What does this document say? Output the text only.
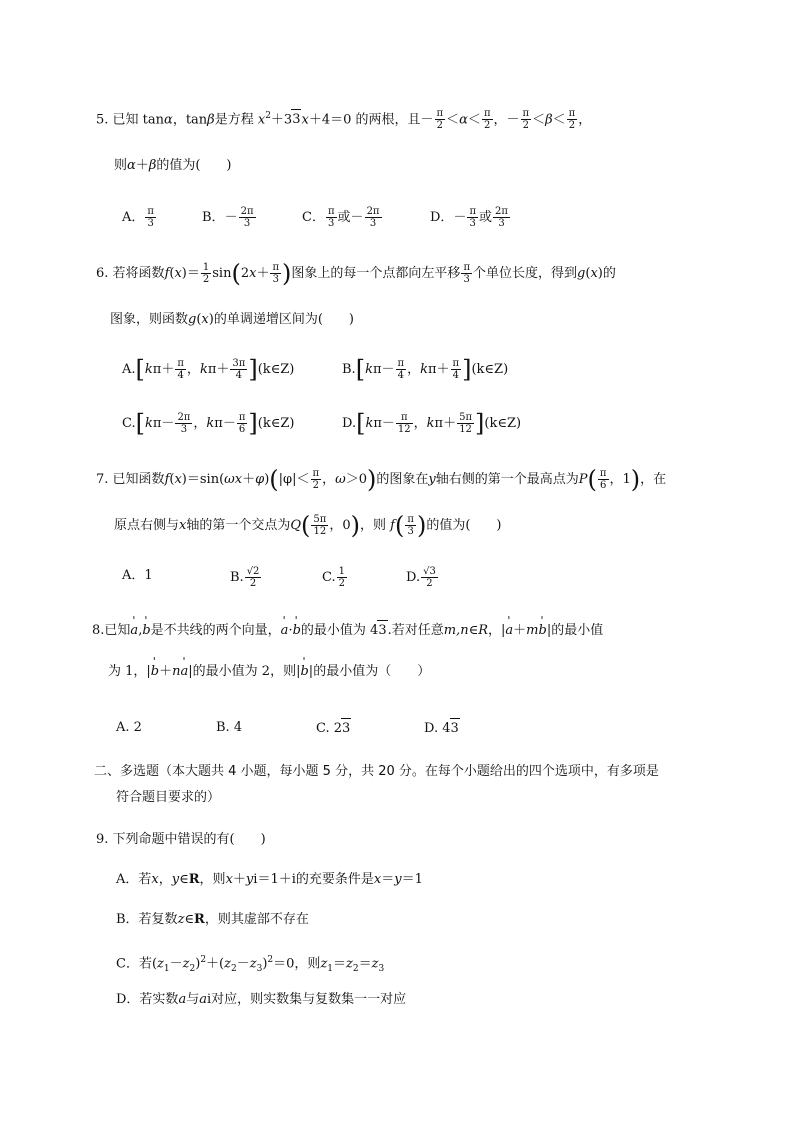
5. 已知 tanα，tanβ是方程 $x^2+33x+4=0$ 的两根，且－ $\frac{\pi}{2} <\alpha< \frac{\pi}{2}$ ，－ $\frac{\pi}{2} <\beta< \frac{\pi}{2}$ ，
则α＋β的值为(　　)
A． $\frac{\pi}{3}$	B．－ $\frac{2\pi}{3}$	C． $\frac{\pi}{3}$ 或－ $\frac{2\pi}{3}$	D．－ $\frac{\pi}{3}$ 或 $\frac{2\pi}{3}$
6. 若将函数$f(x)= \frac{1}{2} \sin(2x+ \frac{\pi}{3}$ )图象上的每一个点都向左平移 $\frac{\pi}{3}$ 个单位长度，得到g(x)的
图象，则函数g(x)的单调递增区间为(　　)
$A.[k\pi+ \frac{\pi}{4}$ ，$k\pi+ \frac{3\pi}{4}$ ](k∈Z)	$B.[k\pi- \frac{\pi}{4}$ ，$k\pi+ \frac{\pi}{4}$ ](k∈Z)
$C.[k\pi- \frac{2\pi}{3}$ ，$k\pi- \frac{\pi}{6}$ ](k∈Z)	$D.[k\pi- \frac{\pi}{12}$ ，$k\pi+ \frac{5\pi}{12}$ ](k∈Z)
7. 已知函数$f(x)=\sin(\omega x+\varphi)(|\varphi|< \frac{\pi}{2}$ ，ω＞0)的图象在y轴右侧的第一个最高点为$P( \frac{\pi}{6}$ ，1)，在
原点右侧与x轴的第一个交点为$Q( \frac{5\pi}{12}$ ，0)，则 $f( \frac{\pi}{3}$ )的值为(　　)
A．1	B. $\frac{√2}{2}$	C. $\frac{1}{2}$	D. $\frac{√3}{2}$
8.已知' a,' b是不共线的两个向量，' a·' b的最小值为 43.若对任意m,n∈R，|' a＋m' b|的最小值
为 1，|' b＋n' a|的最小值为 2，则|' b|的最小值为（　　）
A. 2	B. 4	C. 23	D. 43
二、多选题（本大题共 4 小题，每小题 5 分，共 20 分。在每个小题给出的四个选项中，有多项是
符合题目要求的）
9. 下列命题中错误的有(　　)
A．若x，y∈R，则x＋yi＝1＋i的充要条件是x＝y＝1
B．若复数z∈R，则其虚部不存在
C．若$(z_1-z_2)^2+(z_2-z_3)^2=0$，则$z_1=z_2=z_3$
D．若实数a与ai对应，则实数集与复数集一一对应
